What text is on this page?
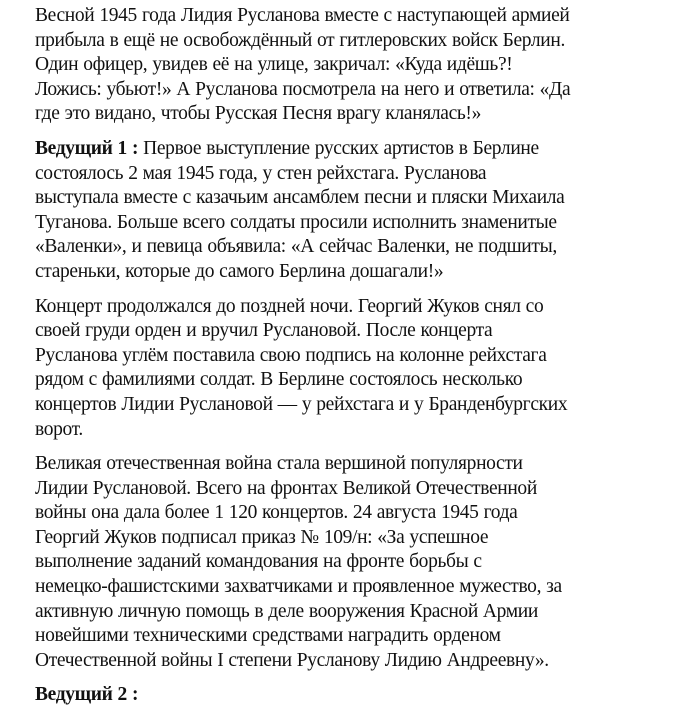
Весной 1945 года Лидия Русланова вместе с наступающей армией
прибыла в ещё не освобождённый от гитлеровских войск Берлин.
Один офицер, увидев её на улице, закричал: «Куда идёшь?!
Ложись: убьют!» А Русланова посмотрела на него и ответила: «Да
где это видано, чтобы Русская Песня врагу кланялась!»

Ведущий 1 : Первое выступление русских артистов в Берлине
состоялось 2 мая 1945 года, у стен рейхстага. Русланова
выступала вместе с казачьим ансамблем песни и пляски Михаила
Туганова. Больше всего солдаты просили исполнить знаменитые
«Валенки», и певица объявила: «А сейчас Валенки, не подшиты,
стареньки, которые до самого Берлина дошагали!»

Концерт продолжался до поздней ночи. Георгий Жуков снял со
своей груди орден и вручил Руслановой. После концерта
Русланова углём поставила свою подпись на колонне рейхстага
рядом с фамилиями солдат. В Берлине состоялось несколько
концертов Лидии Руслановой — у рейхстага и у Бранденбургских
ворот.

Великая отечественная война стала вершиной популярности
Лидии Руслановой. Всего на фронтах Великой Отечественной
войны она дала более 1 120 концертов. 24 августа 1945 года
Георгий Жуков подписал приказ № 109/н: «За успешное
выполнение заданий командования на фронте борьбы с
немецко-фашистскими захватчиками и проявленное мужество, за
активную личную помощь в деле вооружения Красной Армии
новейшими техническими средствами наградить орденом
Отечественной войны I степени Русланову Лидию Андреевну».

Ведущий 2 :
